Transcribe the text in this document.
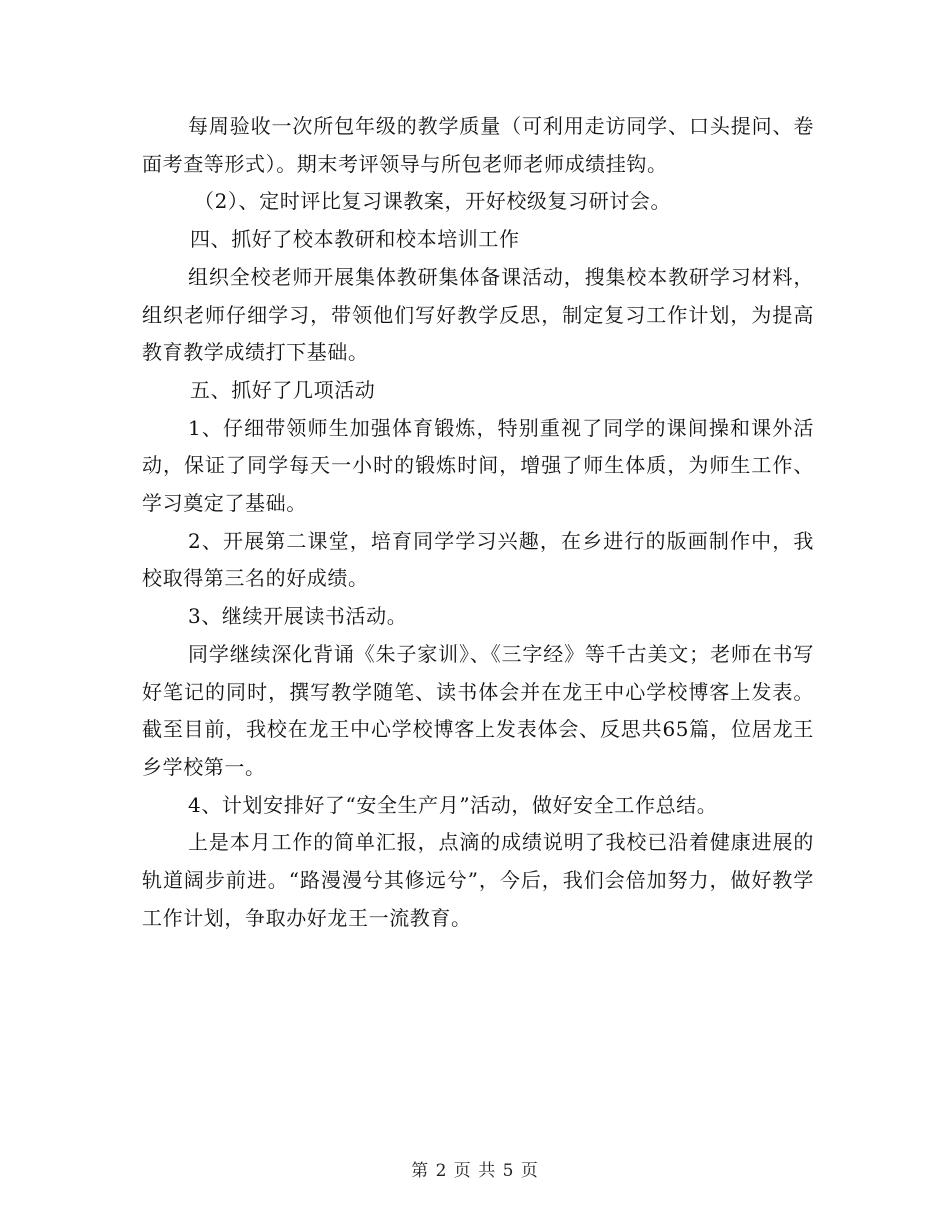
每周验收一次所包年级的教学质量（可利用走访同学、口头提问、卷面考查等形式）。期末考评领导与所包老师老师成绩挂钩。

（2）、定时评比复习课教案，开好校级复习研讨会。

四、抓好了校本教研和校本培训工作

组织全校老师开展集体教研集体备课活动，搜集校本教研学习材料，组织老师仔细学习，带领他们写好教学反思，制定复习工作计划，为提高教育教学成绩打下基础。

五、抓好了几项活动

1、仔细带领师生加强体育锻炼，特别重视了同学的课间操和课外活动，保证了同学每天一小时的锻炼时间，增强了师生体质，为师生工作、学习奠定了基础。

2、开展第二课堂，培育同学学习兴趣，在乡进行的版画制作中，我校取得第三名的好成绩。

3、继续开展读书活动。

同学继续深化背诵《朱子家训》、《三字经》等千古美文；老师在书写好笔记的同时，撰写教学随笔、读书体会并在龙王中心学校博客上发表。截至目前，我校在龙王中心学校博客上发表体会、反思共65篇，位居龙王乡学校第一。

4、计划安排好了“安全生产月”活动，做好安全工作总结。

上是本月工作的简单汇报，点滴的成绩说明了我校已沿着健康进展的轨道阔步前进。“路漫漫兮其修远兮”，今后，我们会倍加努力，做好教学工作计划，争取办好龙王一流教育。

第 2 页 共 5 页
